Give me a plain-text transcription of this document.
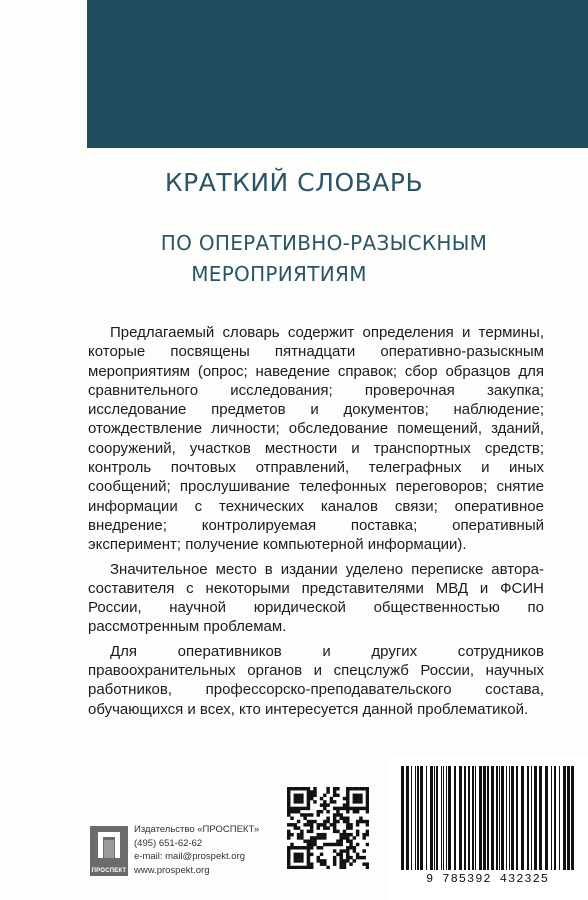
КРАТКИЙ СЛОВАРЬ
ПО ОПЕРАТИВНО-РАЗЫСКНЫМ
МЕРОПРИЯТИЯМ

Предлагаемый словарь содержит определения и термины, которые посвящены пятнадцати оперативно-разыскным мероприятиям (опрос; наведение справок; сбор образцов для сравнительного исследования; проверочная закупка; исследование предметов и документов; наблюдение; отождествление личности; обследование помещений, зданий, сооружений, участков местности и транспортных средств; контроль почтовых отправлений, телеграфных и иных сообщений; прослушивание телефонных переговоров; снятие информации с технических каналов связи; оперативное внедрение; контролируемая поставка; оперативный эксперимент; получение компьютерной информации).

Значительное место в издании уделено переписке автора-составителя с некоторыми представителями МВД и ФСИН России, научной юридической общественностью по рассмотренным проблемам.

Для оперативников и других сотрудников правоохранительных органов и спецслужб России, научных работников, профессорско-преподавательского состава, обучающихся и всех, кто интересуется данной проблематикой.

ПРОСПЕКТ
Издательство «ПРОСПЕКТ»
(495) 651-62-62
e-mail: mail@prospekt.org
www.prospekt.org
9 785392 432325
